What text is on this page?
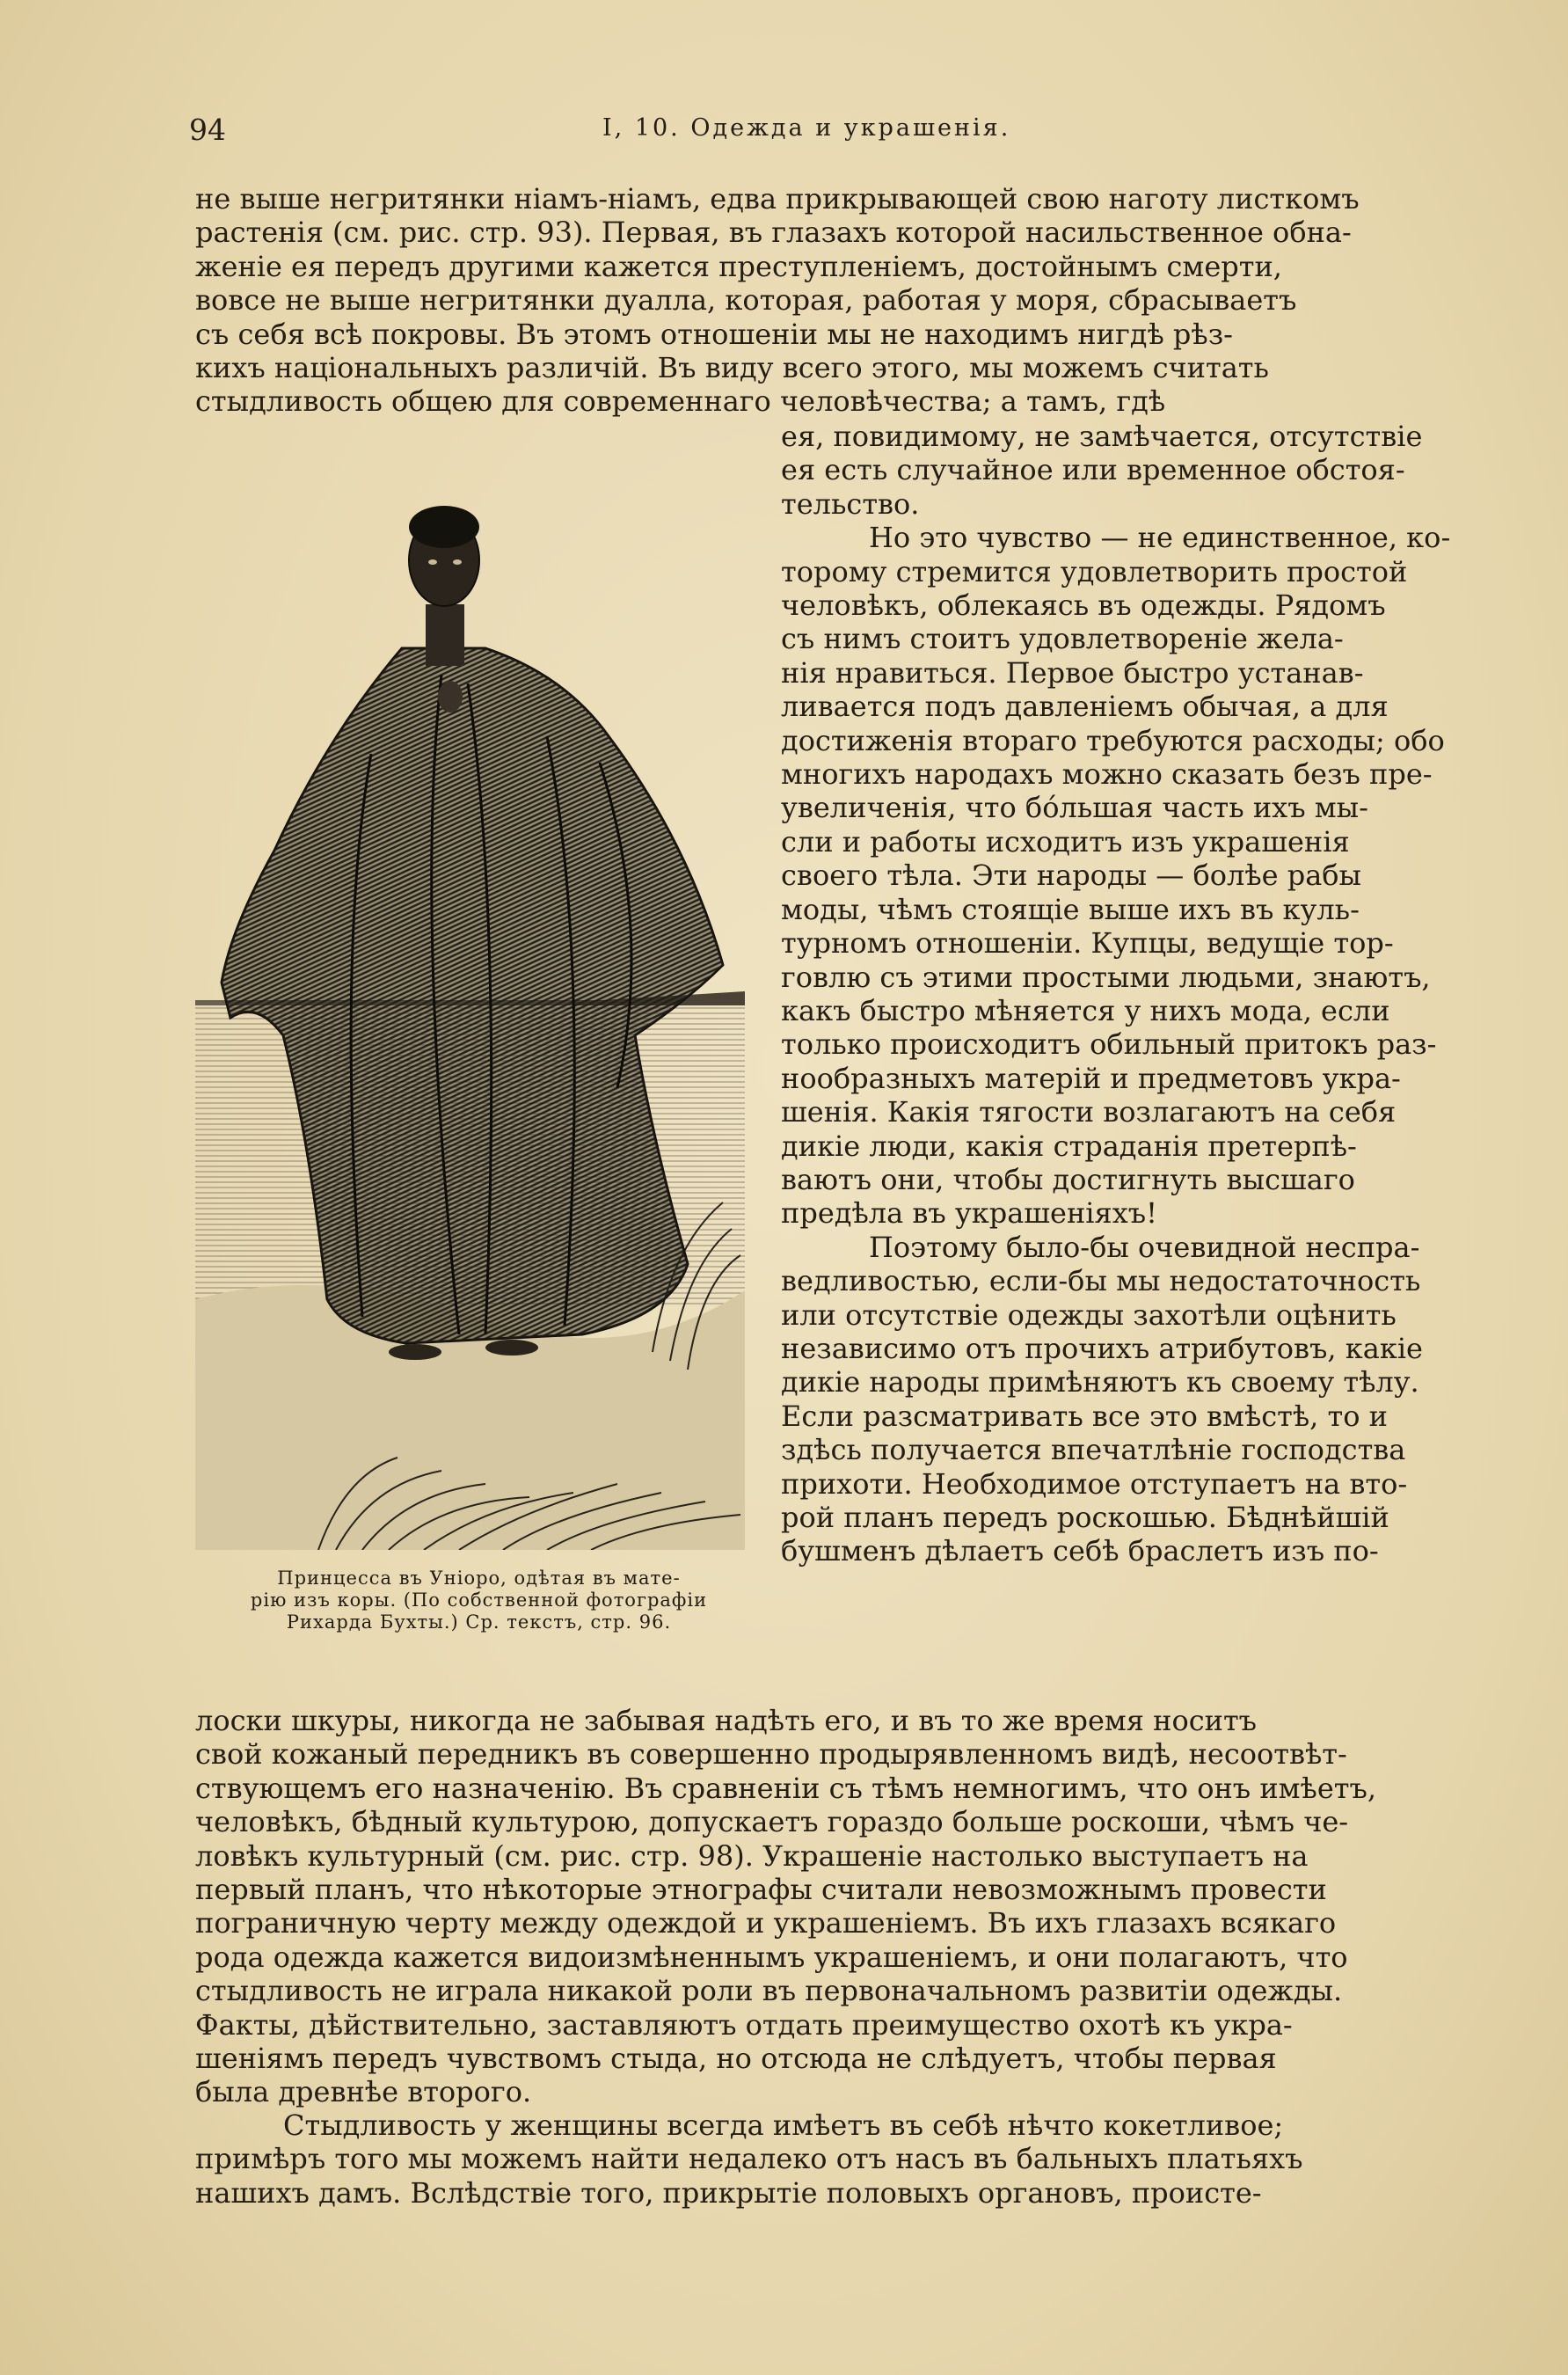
94	I, 10. Одежда и украшенія.
не выше негритянки ніамъ-ніамъ, едва прикрывающей свою наготу листкомъ
растенія (см. рис. стр. 93). Первая, въ глазахъ которой насильственное обна-
женіе ея передъ другими кажется преступленіемъ, достойнымъ смерти,
вовсе не выше негритянки дуалла, которая, работая у моря, сбрасываетъ
съ себя всѣ покровы. Въ этомъ отношеніи мы не находимъ нигдѣ рѣз-
кихъ національныхъ различій. Въ виду всего этого, мы можемъ считать
стыдливость общею для современнаго человѣчества; а тамъ, гдѣ
Принцесса въ Уніоро, одѣтая въ мате-
рію изъ коры. (По собственной фотографіи
Рихарда Бухты.) Ср. текстъ, стр. 96.
ея, повидимому, не замѣчается, отсутствіе
ея есть случайное или временное обстоя-
тельство.
Но это чувство — не единственное, ко-
торому стремится удовлетворить простой
человѣкъ, облекаясь въ одежды. Рядомъ
съ нимъ стоитъ удовлетвореніе жела-
нія нравиться. Первое быстро устанав-
ливается подъ давленіемъ обычая, а для
достиженія втораго требуются расходы; обо
многихъ народахъ можно сказать безъ пре-
увеличенія, что бóльшая часть ихъ мы-
сли и работы исходитъ изъ украшенія
своего тѣла. Эти народы — болѣе рабы
моды, чѣмъ стоящіе выше ихъ въ куль-
турномъ отношеніи. Купцы, ведущіе тор-
говлю съ этими простыми людьми, знаютъ,
какъ быстро мѣняется у нихъ мода, если
только происходитъ обильный притокъ раз-
нообразныхъ матерій и предметовъ укра-
шенія. Какія тягости возлагаютъ на себя
дикіе люди, какія страданія претерпѣ-
ваютъ они, чтобы достигнуть высшаго
предѣла въ украшеніяхъ!
Поэтому было-бы очевидной неспра-
ведливостью, если-бы мы недостаточность
или отсутствіе одежды захотѣли оцѣнить
независимо отъ прочихъ атрибутовъ, какіе
дикіе народы примѣняютъ къ своему тѣлу.
Если разсматривать все это вмѣстѣ, то и
здѣсь получается впечатлѣніе господства
прихоти. Необходимое отступаетъ на вто-
рой планъ передъ роскошью. Бѣднѣйшій
бушменъ дѣлаетъ себѣ браслетъ изъ по-
лоски шкуры, никогда не забывая надѣть его, и въ то же время носитъ
свой кожаный передникъ въ совершенно продырявленномъ видѣ, несоотвѣт-
ствующемъ его назначенію. Въ сравненіи съ тѣмъ немногимъ, что онъ имѣетъ,
человѣкъ, бѣдный культурою, допускаетъ гораздо больше роскоши, чѣмъ че-
ловѣкъ культурный (см. рис. стр. 98). Украшеніе настолько выступаетъ на
первый планъ, что нѣкоторые этнографы считали невозможнымъ провести
пограничную черту между одеждой и украшеніемъ. Въ ихъ глазахъ всякаго
рода одежда кажется видоизмѣненнымъ украшеніемъ, и они полагаютъ, что
стыдливость не играла никакой роли въ первоначальномъ развитіи одежды.
Факты, дѣйствительно, заставляютъ отдать преимущество охотѣ къ укра-
шеніямъ передъ чувствомъ стыда, но отсюда не слѣдуетъ, чтобы первая
была древнѣе второго.
Стыдливость у женщины всегда имѣетъ въ себѣ нѣчто кокетливое;
примѣръ того мы можемъ найти недалеко отъ насъ въ бальныхъ платьяхъ
нашихъ дамъ. Вслѣдствіе того, прикрытіе половыхъ органовъ, происте-
